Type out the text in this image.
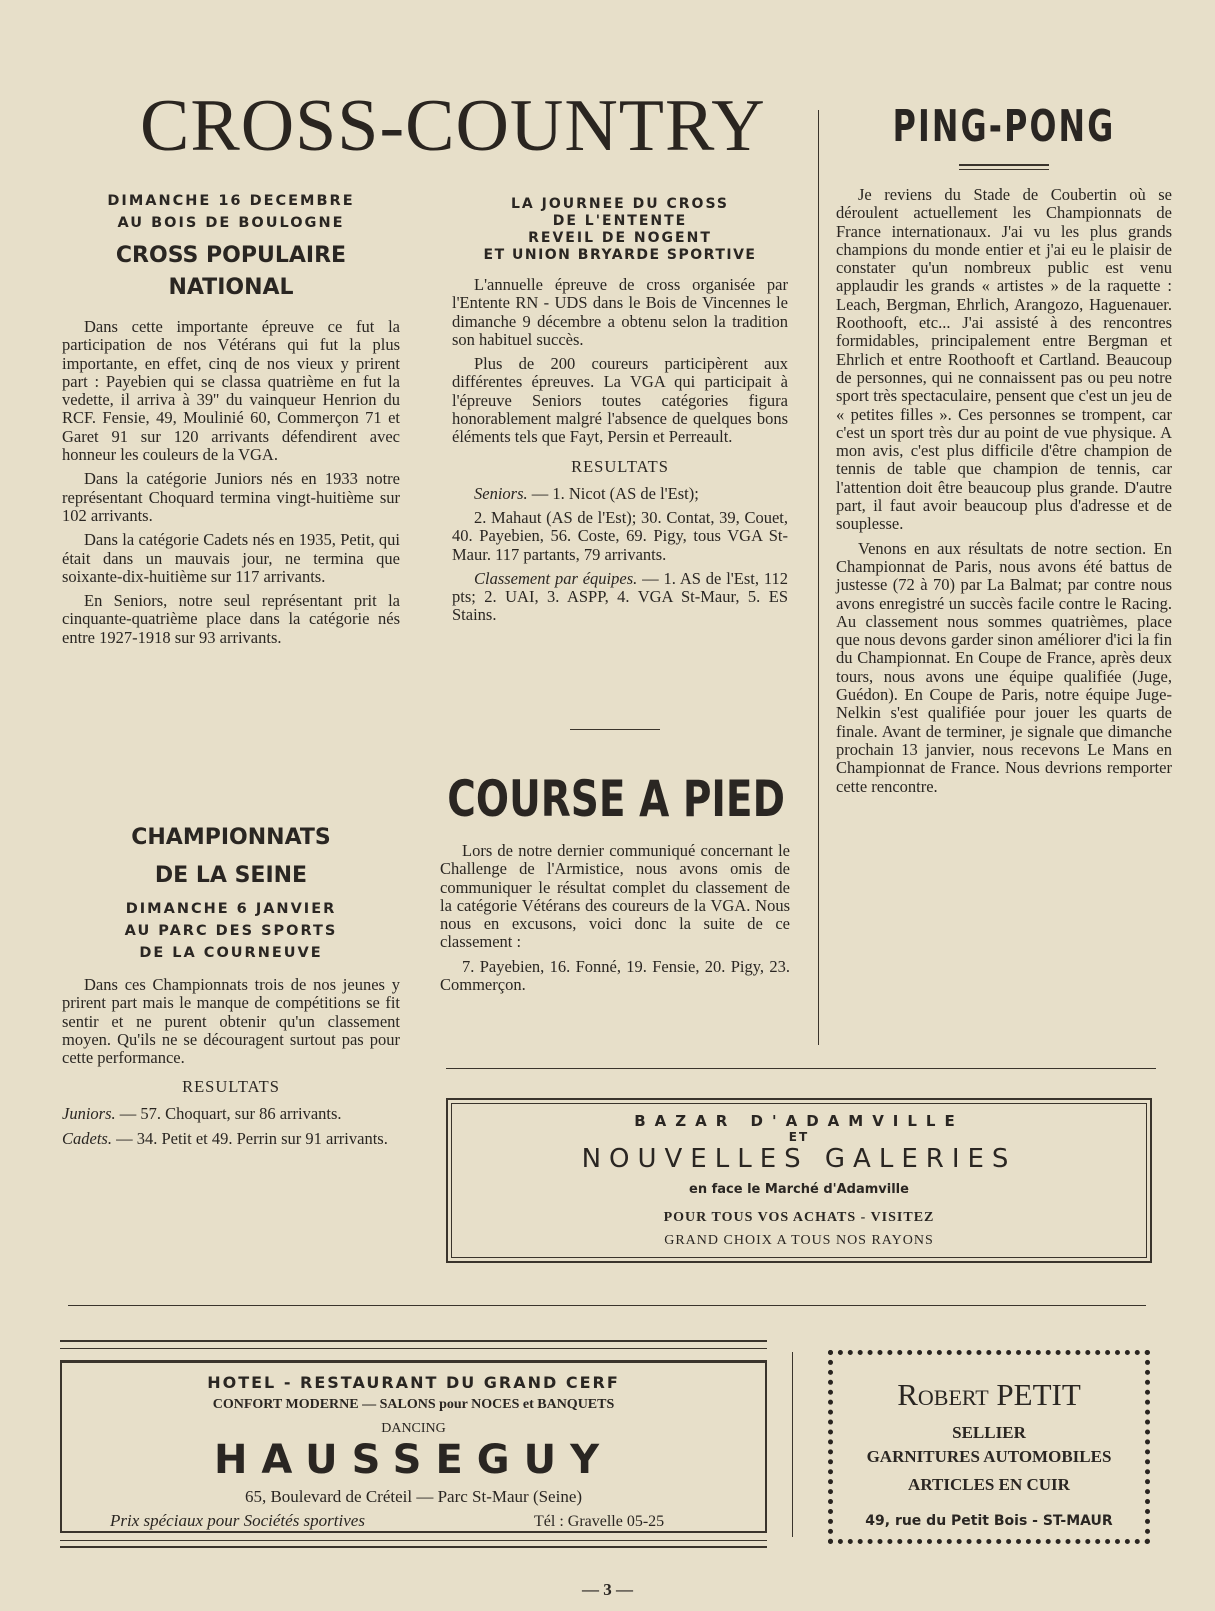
CROSS-COUNTRY
DIMANCHE 16 DECEMBRE
AU BOIS DE BOULOGNE
CROSS POPULAIRE
NATIONAL

Dans cette importante épreuve ce fut la participation de nos Vétérans qui fut la plus importante, en effet, cinq de nos vieux y prirent part : Payebien qui se classa quatrième en fut la vedette, il arriva à 39'' du vainqueur Henrion du RCF. Fensie, 49, Moulinié 60, Commerçon 71 et Garet 91 sur 120 arrivants défendirent avec honneur les couleurs de la VGA.

Dans la catégorie Juniors nés en 1933 notre représentant Choquard termina vingt-huitième sur 102 arrivants.

Dans la catégorie Cadets nés en 1935, Petit, qui était dans un mauvais jour, ne termina que soixante-dix-huitième sur 117 arrivants.

En Seniors, notre seul représentant prit la cinquante-quatrième place dans la catégorie nés entre 1927-1918 sur 93 arrivants.

CHAMPIONNATS
DE LA SEINE
DIMANCHE 6 JANVIER
AU PARC DES SPORTS
DE LA COURNEUVE

Dans ces Championnats trois de nos jeunes y prirent part mais le manque de compétitions se fit sentir et ne purent obtenir qu'un classement moyen. Qu'ils ne se découragent surtout pas pour cette performance.

RESULTATS
Juniors. — 57. Choquart, sur 86 arrivants.
Cadets. — 34. Petit et 49. Perrin sur 91 arrivants.
LA JOURNEE DU CROSS
DE L'ENTENTE
REVEIL DE NOGENT
ET UNION BRYARDE SPORTIVE

L'annuelle épreuve de cross organisée par l'Entente RN - UDS dans le Bois de Vincennes le dimanche 9 décembre a obtenu selon la tradition son habituel succès.

Plus de 200 coureurs participèrent aux différentes épreuves. La VGA qui participait à l'épreuve Seniors toutes catégories figura honorablement malgré l'absence de quelques bons éléments tels que Fayt, Persin et Perreault.

RESULTATS

Seniors. — 1. Nicot (AS de l'Est);

2. Mahaut (AS de l'Est); 30. Contat, 39, Couet, 40. Payebien, 56. Coste, 69. Pigy, tous VGA St-Maur. 117 partants, 79 arrivants.

Classement par équipes. — 1. AS de l'Est, 112 pts; 2. UAI, 3. ASPP, 4. VGA St-Maur, 5. ES Stains.

COURSE A PIED

Lors de notre dernier communiqué concernant le Challenge de l'Armistice, nous avons omis de communiquer le résultat complet du classement de la catégorie Vétérans des coureurs de la VGA. Nous nous en excusons, voici donc la suite de ce classement :

7. Payebien, 16. Fonné, 19. Fensie, 20. Pigy, 23. Commerçon.

PING-PONG

Je reviens du Stade de Coubertin où se déroulent actuellement les Championnats de France internationaux. J'ai vu les plus grands champions du monde entier et j'ai eu le plaisir de constater qu'un nombreux public est venu applaudir les grands « artistes » de la raquette : Leach, Bergman, Ehrlich, Arangozo, Haguenauer. Roothooft, etc... J'ai assisté à des rencontres formidables, principalement entre Bergman et Ehrlich et entre Roothooft et Cartland. Beaucoup de personnes, qui ne connaissent pas ou peu notre sport très spectaculaire, pensent que c'est un jeu de « petites filles ». Ces personnes se trompent, car c'est un sport très dur au point de vue physique. A mon avis, c'est plus difficile d'être champion de tennis de table que champion de tennis, car l'attention doit être beaucoup plus grande. D'autre part, il faut avoir beaucoup plus d'adresse et de souplesse.

Venons en aux résultats de notre section. En Championnat de Paris, nous avons été battus de justesse (72 à 70) par La Balmat; par contre nous avons enregistré un succès facile contre le Racing. Au classement nous sommes quatrièmes, place que nous devons garder sinon améliorer d'ici la fin du Championnat. En Coupe de France, après deux tours, nous avons une équipe qualifiée (Juge, Guédon). En Coupe de Paris, notre équipe Juge-Nelkin s'est qualifiée pour jouer les quarts de finale. Avant de terminer, je signale que dimanche prochain 13 janvier, nous recevons Le Mans en Championnat de France. Nous devrions remporter cette rencontre.

BAZAR D'ADAMVILLE
ET
NOUVELLES GALERIES
en face le Marché d'Adamville
POUR TOUS VOS ACHATS - VISITEZ
GRAND CHOIX A TOUS NOS RAYONS
HOTEL - RESTAURANT DU GRAND CERF
CONFORT MODERNE — SALONS pour NOCES et BANQUETS
DANCING
HAUSSEGUY
65, Boulevard de Créteil — Parc St-Maur (Seine)
Prix spéciaux pour Sociétés sportives	Tél : Gravelle 05-25
Robert PETIT
SELLIER
GARNITURES AUTOMOBILES
ARTICLES EN CUIR
49, rue du Petit Bois - ST-MAUR
— 3 —
